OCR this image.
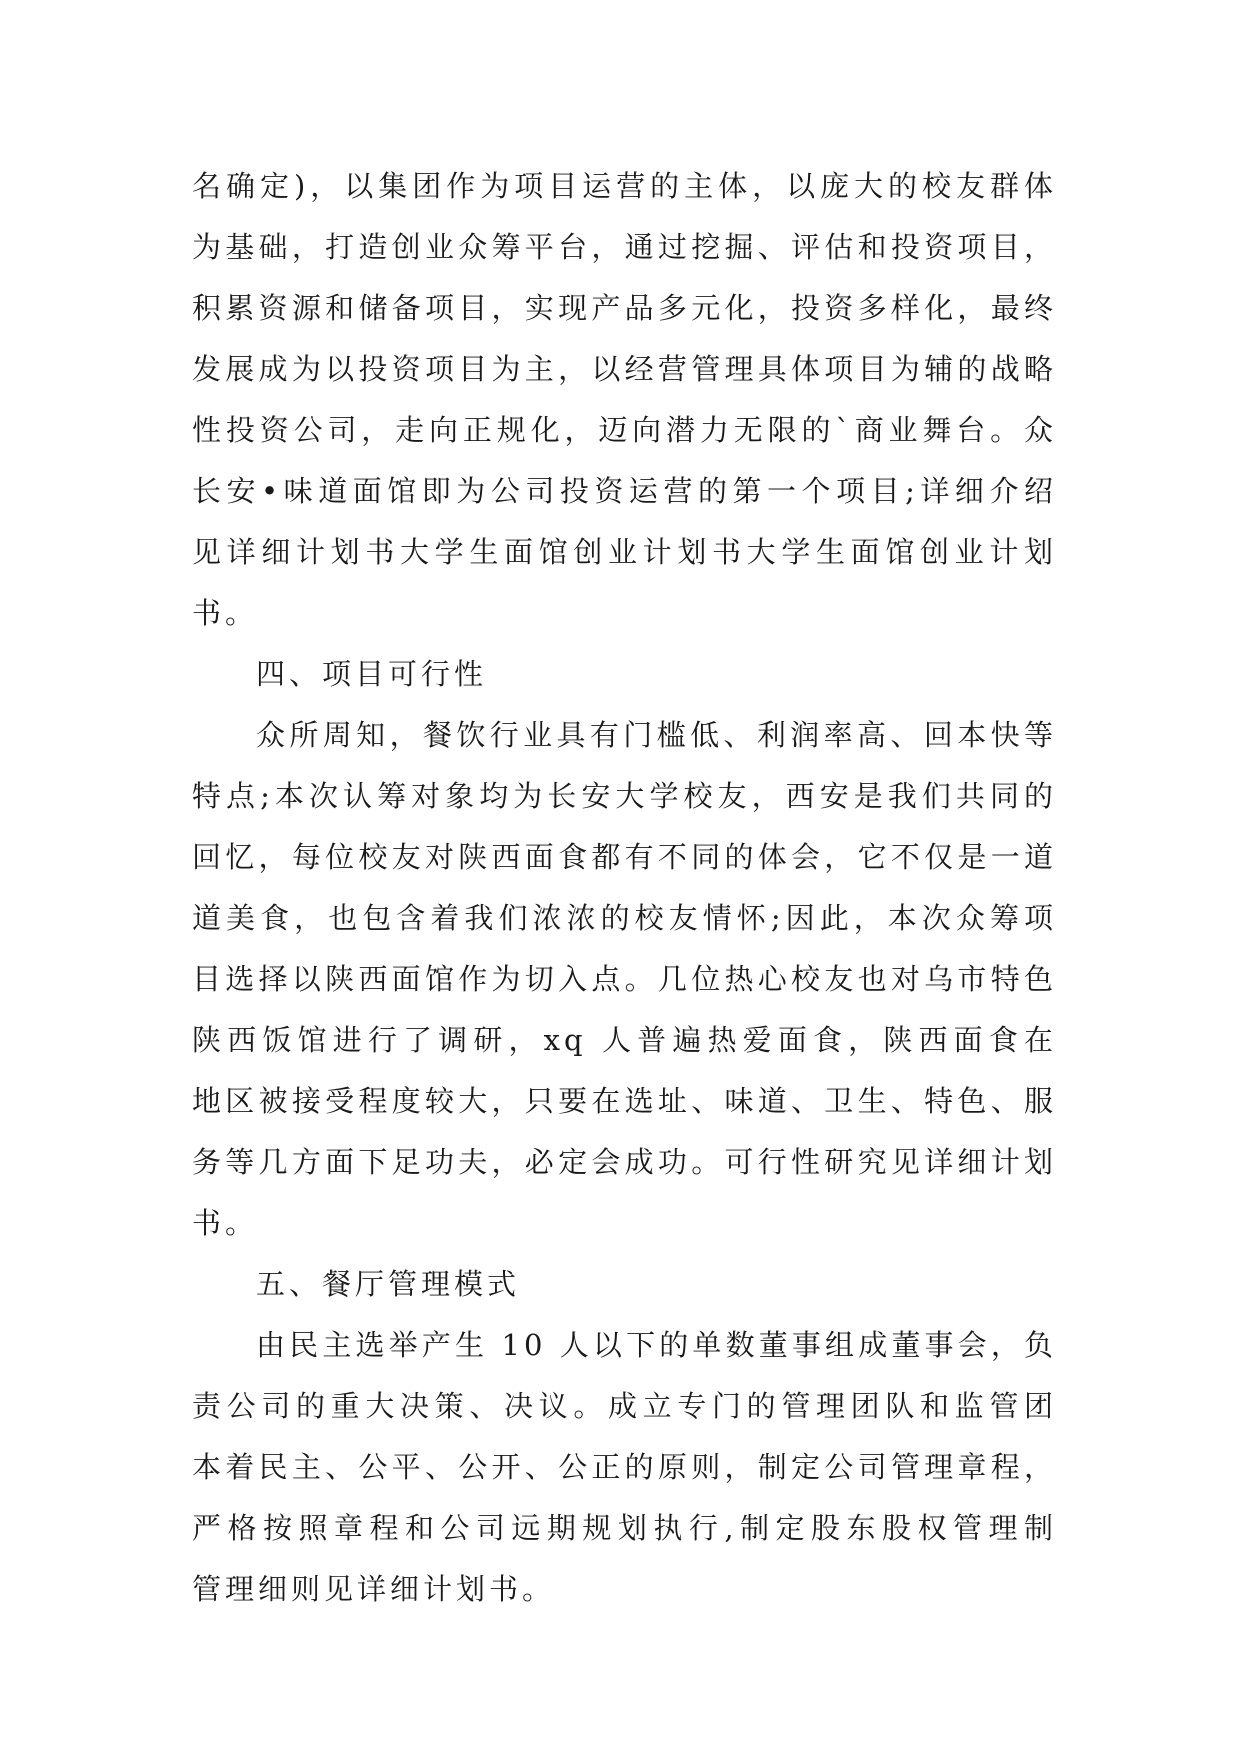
名确定)，以集团作为项目运营的主体，以庞大的校友群体
为基础，打造创业众筹平台，通过挖掘、评估和投资项目，
积累资源和储备项目，实现产品多元化，投资多样化，最终
发展成为以投资项目为主，以经营管理具体项目为辅的战略
性投资公司，走向正规化，迈向潜力无限的`商业舞台。众
长安•味道面馆即为公司投资运营的第一个项目;详细介绍
见详细计划书大学生面馆创业计划书大学生面馆创业计划
书。
四、项目可行性
众所周知，餐饮行业具有门槛低、利润率高、回本快等
特点;本次认筹对象均为长安大学校友，西安是我们共同的
回忆，每位校友对陕西面食都有不同的体会，它不仅是一道
道美食，也包含着我们浓浓的校友情怀;因此，本次众筹项
目选择以陕西面馆作为切入点。几位热心校友也对乌市特色
陕西饭馆进行了调研，xq 人普遍热爱面食，陕西面食在
地区被接受程度较大，只要在选址、味道、卫生、特色、服
务等几方面下足功夫，必定会成功。可行性研究见详细计划
书。
五、餐厅管理模式
由民主选举产生 10 人以下的单数董事组成董事会，负
责公司的重大决策、决议。成立专门的管理团队和监管团
本着民主、公平、公开、公正的原则，制定公司管理章程，
严格按照章程和公司远期规划执行,制定股东股权管理制
管理细则见详细计划书。
